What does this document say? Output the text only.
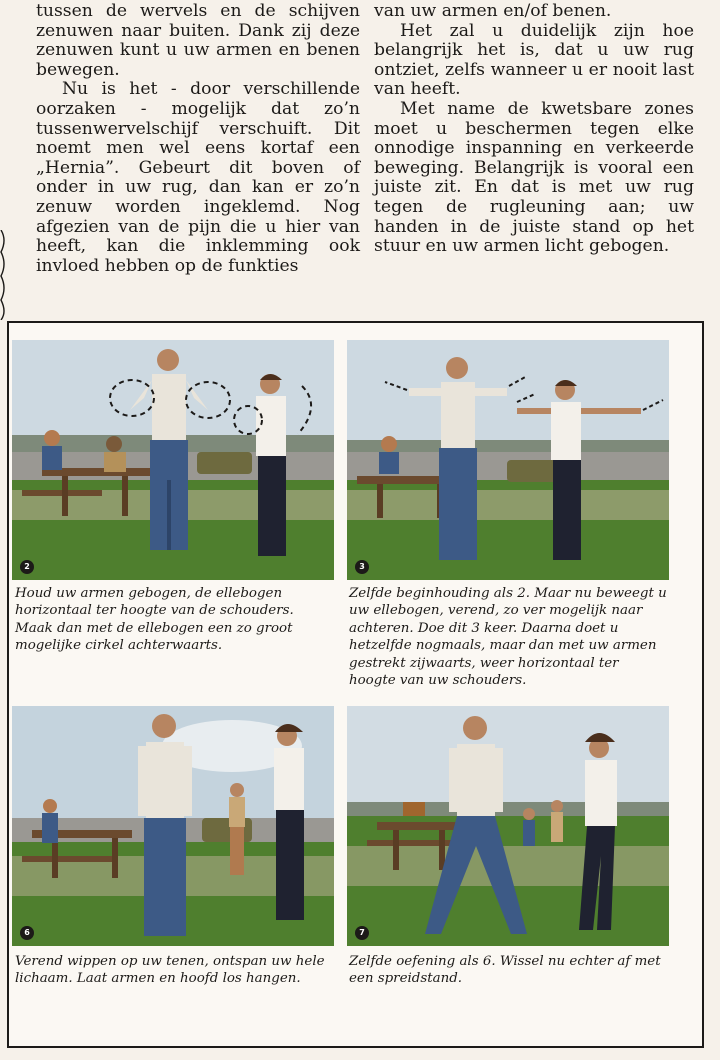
tussen de wervels en de schijven zenuwen naar buiten. Dank zij deze zenuwen kunt u uw armen en benen bewegen.

Nu is het - door verschillende oorzaken - mogelijk dat zo’n tussenwervelschijf verschuift. Dit noemt men wel eens kortaf een „Hernia”. Gebeurt dit boven of onder in uw rug, dan kan er zo’n zenuw worden ingeklemd. Nog afgezien van de pijn die u hier van heeft, kan die inklemming ook invloed hebben op de funkties

van uw armen en/of benen.

Het zal u duidelijk zijn hoe belangrijk het is, dat u uw rug ontziet, zelfs wanneer u er nooit last van heeft.

Met name de kwetsbare zones moet u beschermen tegen elke onnodige inspanning en verkeerde beweging. Belangrijk is vooral een juiste zit. En dat is met uw rug tegen de rugleuning aan; uw handen in de juiste stand op het stuur en uw armen licht gebogen.

2	3

Houd uw armen gebogen, de ellebogen horizontaal ter hoogte van de schouders. Maak dan met de ellebogen een zo groot mogelijke cirkel achterwaarts.

Zelfde beginhouding als 2. Maar nu beweegt u uw ellebogen, verend, zo ver mogelijk naar achteren. Doe dit 3 keer. Daarna doet u hetzelfde nogmaals, maar dan met uw armen gestrekt zijwaarts, weer horizontaal ter hoogte van uw schouders.

6	7

Verend wippen op uw tenen, ontspan uw hele lichaam. Laat armen en hoofd los hangen.

Zelfde oefening als 6. Wissel nu echter af met een spreidstand.
